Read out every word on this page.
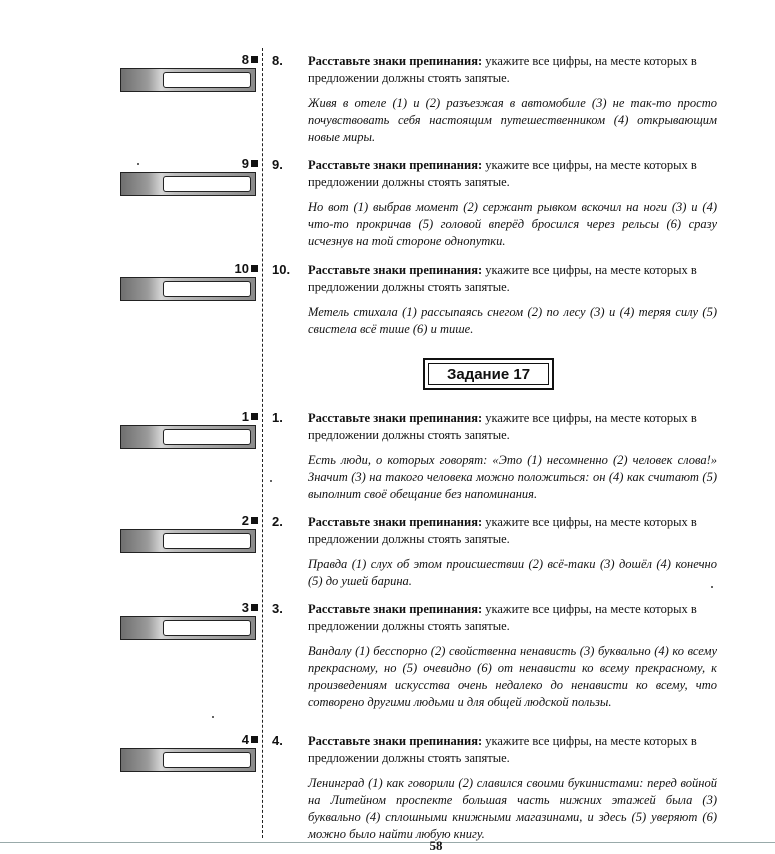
8	8. Расставьте знаки препинания: укажите все цифры, на месте которых в предложении должны стоять запятые.
Живя в отеле (1) и (2) разъезжая в автомобиле (3) не так-то просто почувствовать себя настоящим путешественником (4) открывающим новые миры.
9	9. Расставьте знаки препинания: укажите все цифры, на месте которых в предложении должны стоять запятые.
Но вот (1) выбрав момент (2) сержант рывком вскочил на ноги (3) и (4) что-то прокричав (5) головой вперёд бросился через рельсы (6) сразу исчезнув на той стороне однопутки.
10	10. Расставьте знаки препинания: укажите все цифры, на месте которых в предложении должны стоять запятые.
Метель стихала (1) рассыпаясь снегом (2) по лесу (3) и (4) теряя силу (5) свистела всё тише (6) и тише.
Задание 17
1	1. Расставьте знаки препинания: укажите все цифры, на месте которых в предложении должны стоять запятые.
Есть люди, о которых говорят: «Это (1) несомненно (2) человек слова!» Значит (3) на такого человека можно положиться: он (4) как считают (5) выполнит своё обещание без напоминания.
2	2. Расставьте знаки препинания: укажите все цифры, на месте которых в предложении должны стоять запятые.
Правда (1) слух об этом происшествии (2) всё-таки (3) дошёл (4) конечно (5) до ушей барина.
3	3. Расставьте знаки препинания: укажите все цифры, на месте которых в предложении должны стоять запятые.
Вандалу (1) бесспорно (2) свойственна ненависть (3) буквально (4) ко всему прекрасному, но (5) очевидно (6) от ненависти ко всему прекрасному, к произведениям искусства очень недалеко до ненависти ко всему, что сотворено другими людьми и для общей людской пользы.
4	4. Расставьте знаки препинания: укажите все цифры, на месте которых в предложении должны стоять запятые.
Ленинград (1) как говорили (2) славился своими букинистами: перед войной на Литейном проспекте большая часть нижних этажей была (3) буквально (4) сплошными книжными магазинами, и здесь (5) уверяют (6) можно было найти любую книгу.
58
